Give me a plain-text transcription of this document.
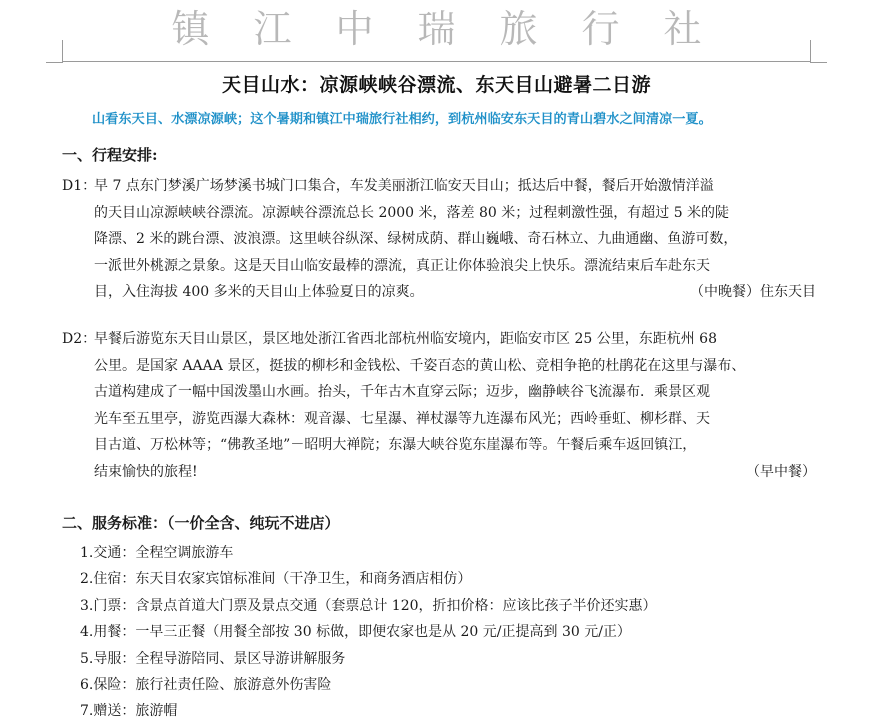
镇江中瑞旅行社
天目山水：凉源峡峡谷漂流、东天目山避暑二日游
山看东天目、水漂凉源峡；这个暑期和镇江中瑞旅行社相约，到杭州临安东天目的青山碧水之间清凉一夏。
一、行程安排:
D1：
早 7 点东门梦溪广场梦溪书城门口集合，车发美丽浙江临安天目山；抵达后中餐，餐后开始激情洋溢
的天目山凉源峡峡谷漂流。凉源峡谷漂流总长 2000 米，落差 80 米；过程刺激性强，有超过 5 米的陡
降漂、2 米的跳台漂、波浪漂。这里峡谷纵深、绿树成荫、群山巍峨、奇石林立、九曲通幽、鱼游可数，
一派世外桃源之景象。这是天目山临安最棒的漂流，真正让你体验浪尖上快乐。漂流结束后车赴东天
目，入住海拔 400 多米的天目山上体验夏日的凉爽。	（中晚餐）住东天目
D2：
早餐后游览东天目山景区，景区地处浙江省西北部杭州临安境内，距临安市区 25 公里，东距杭州 68
公里。是国家 AAAA 景区，挺拔的柳杉和金钱松、千姿百态的黄山松、竞相争艳的杜鹃花在这里与瀑布、
古道构建成了一幅中国泼墨山水画。抬头，千年古木直穿云际；迈步，幽静峡谷飞流瀑布．乘景区观
光车至五里亭，游览西瀑大森林：观音瀑、七星瀑、禅杖瀑等九连瀑布风光；西岭垂虹、柳杉群、天
目古道、万松林等；“佛教圣地”－昭明大禅院；东瀑大峡谷览东崖瀑布等。午餐后乘车返回镇江，
结束愉快的旅程!	（早中餐）
二、服务标准：（一价全含、纯玩不进店）
1.交通：全程空调旅游车
2.住宿：东天目农家宾馆标准间（干净卫生，和商务酒店相仿）
3.门票：含景点首道大门票及景点交通（套票总计 120，折扣价格：应该比孩子半价还实惠）
4.用餐：一早三正餐（用餐全部按 30 标做，即便农家也是从 20 元/正提高到 30 元/正）
5.导服：全程导游陪同、景区导游讲解服务
6.保险：旅行社责任险、旅游意外伤害险
7.赠送：旅游帽
